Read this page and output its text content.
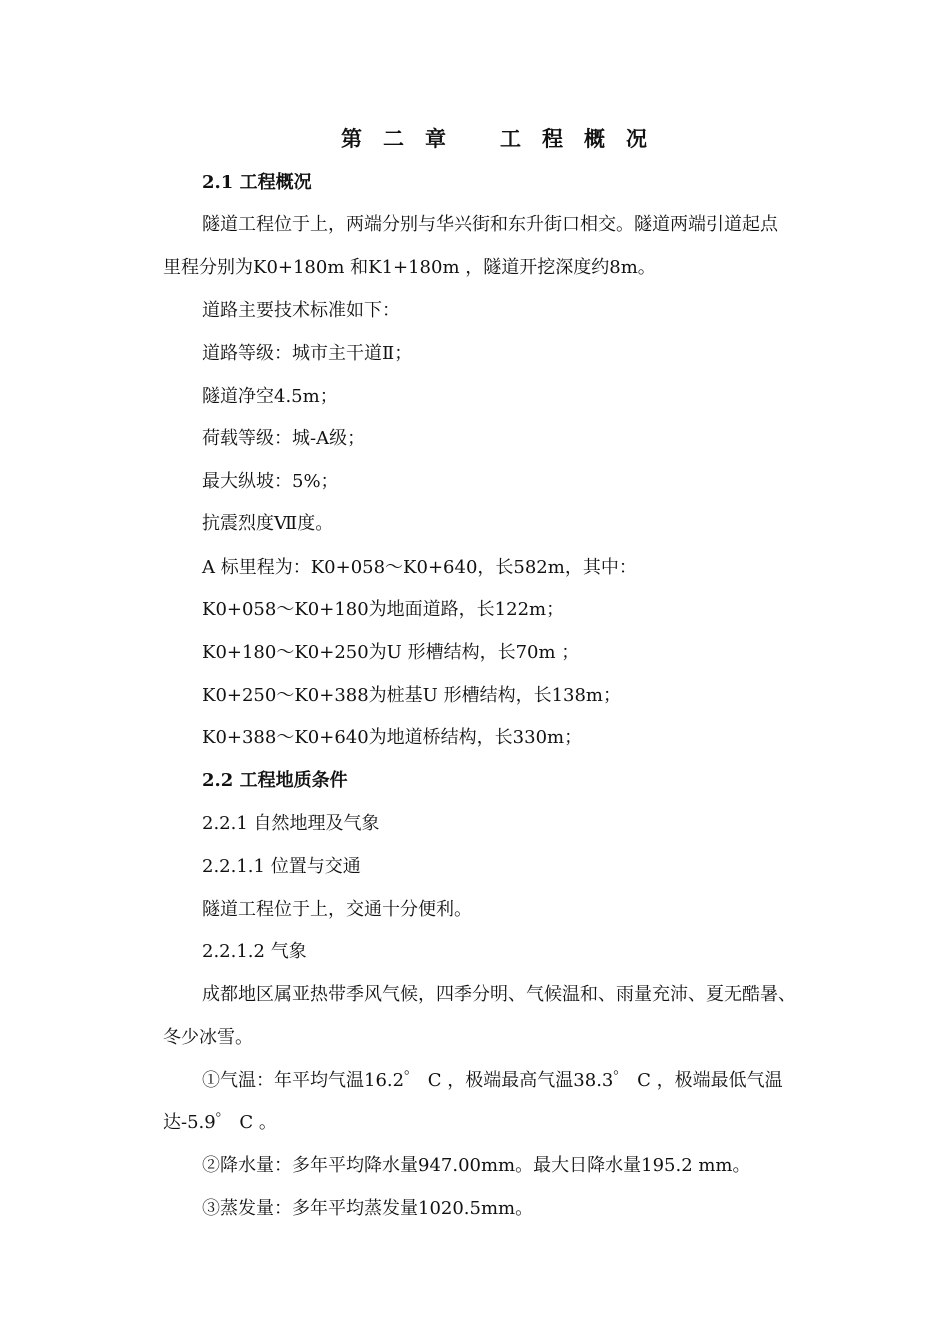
第　二　章	工　程　概　况
2.1 工程概况
隧道工程位于上，两端分别与华兴街和东升街口相交。隧道两端引道起点
里程分别为K0+180m 和K1+180m ，隧道开挖深度约8m。
道路主要技术标准如下：
道路等级：城市主干道Ⅱ；
隧道净空4.5m；
荷载等级：城-A级；
最大纵坡：5%；
抗震烈度Ⅶ度。
A 标里程为：K0+058～K0+640，长582m，其中：
K0+058～K0+180为地面道路，长122m；
K0+180～K0+250为U 形槽结构，长70m ；
K0+250～K0+388为桩基U 形槽结构，长138m；
K0+388～K0+640为地道桥结构，长330m；
2.2 工程地质条件
2.2.1 自然地理及气象
2.2.1.1 位置与交通
隧道工程位于上，交通十分便利。
2.2.1.2 气象
成都地区属亚热带季风气候，四季分明、气候温和、雨量充沛、夏无酷暑、
冬少冰雪。
①气温：年平均气温16.2゜ C ，极端最高气温38.3゜ C ，极端最低气温
达-5.9゜ C 。
②降水量：多年平均降水量947.00mm。最大日降水量195.2 mm。
③蒸发量：多年平均蒸发量1020.5mm。
